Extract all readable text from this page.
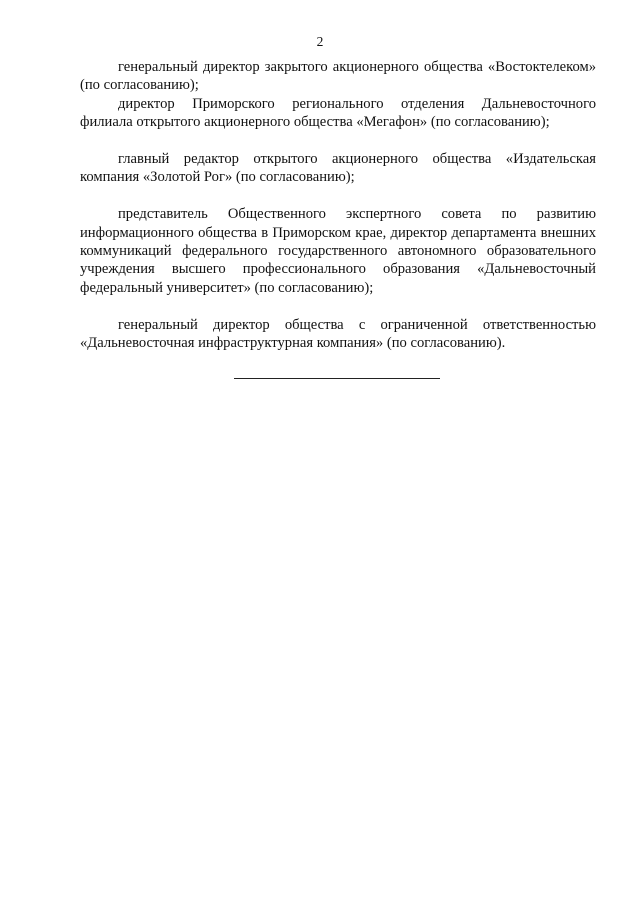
2

генеральный директор закрытого акционерного общества «Востоктелеком» (по согласованию);

директор Приморского регионального отделения Дальневосточного филиала открытого акционерного общества «Мегафон» (по согласованию);

главный редактор открытого акционерного общества «Издательская компания «Золотой Рог» (по согласованию);

представитель Общественного экспертного совета по развитию информационного общества в Приморском крае, директор департамента внешних коммуникаций федерального государственного автономного образовательного учреждения высшего профессионального образования «Дальневосточный федеральный университет» (по согласованию);

генеральный директор общества с ограниченной ответственностью «Дальневосточная инфраструктурная компания» (по согласованию).
